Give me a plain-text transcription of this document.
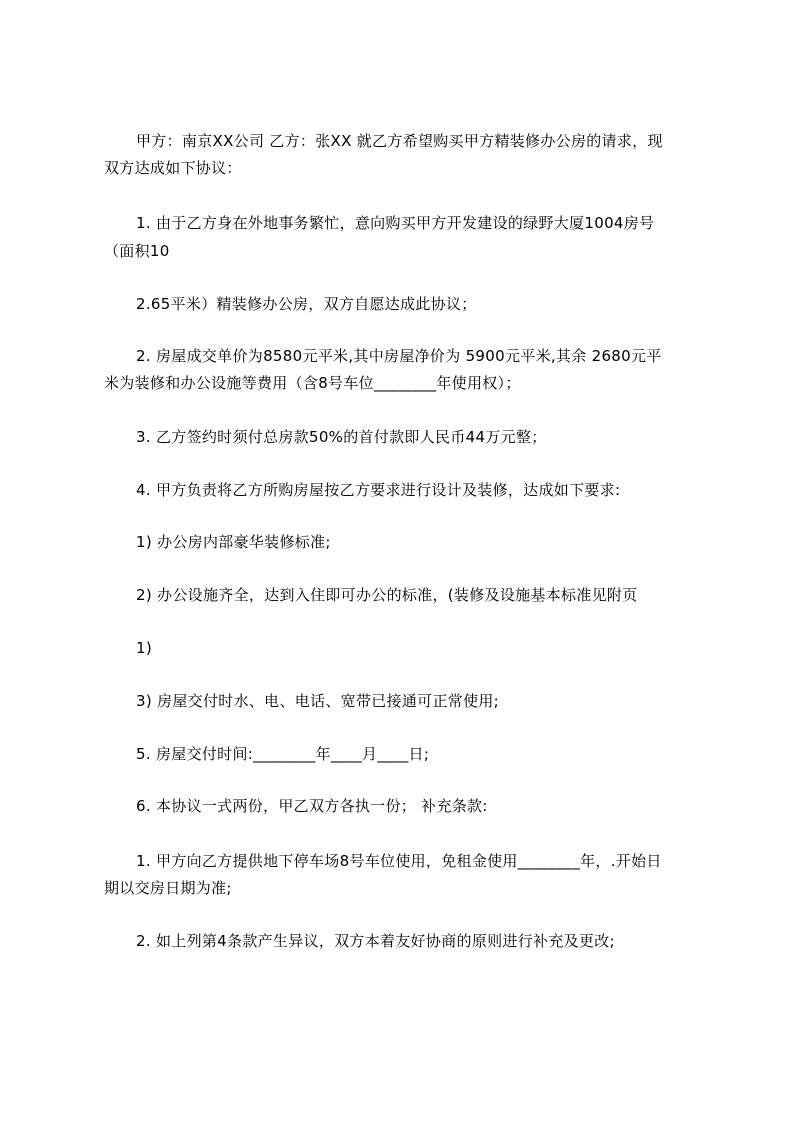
甲方：南京XX公司 乙方：张XX 就乙方希望购买甲方精装修办公房的请求，现
双方达成如下协议：
1. 由于乙方身在外地事务繁忙，意向购买甲方开发建设的绿野大厦1004房号
（面积10
2.65平米）精装修办公房，双方自愿达成此协议；
2. 房屋成交单价为8580元平米,其中房屋净价为 5900元平米,其余 2680元平
米为装修和办公设施等费用（含8号车位________年使用权）；
3. 乙方签约时须付总房款50%的首付款即人民币44万元整；
4. 甲方负责将乙方所购房屋按乙方要求进行设计及装修，达成如下要求:
1) 办公房内部豪华装修标准;
2) 办公设施齐全，达到入住即可办公的标准，(装修及设施基本标准见附页
1)
3) 房屋交付时水、电、电话、宽带已接通可正常使用;
5. 房屋交付时间:________年____月____日;
6. 本协议一式两份，甲乙双方各执一份； 补充条款:
1. 甲方向乙方提供地下停车场8号车位使用，免租金使用________年，.开始日
期以交房日期为准;
2. 如上列第4条款产生异议，双方本着友好协商的原则进行补充及更改;
